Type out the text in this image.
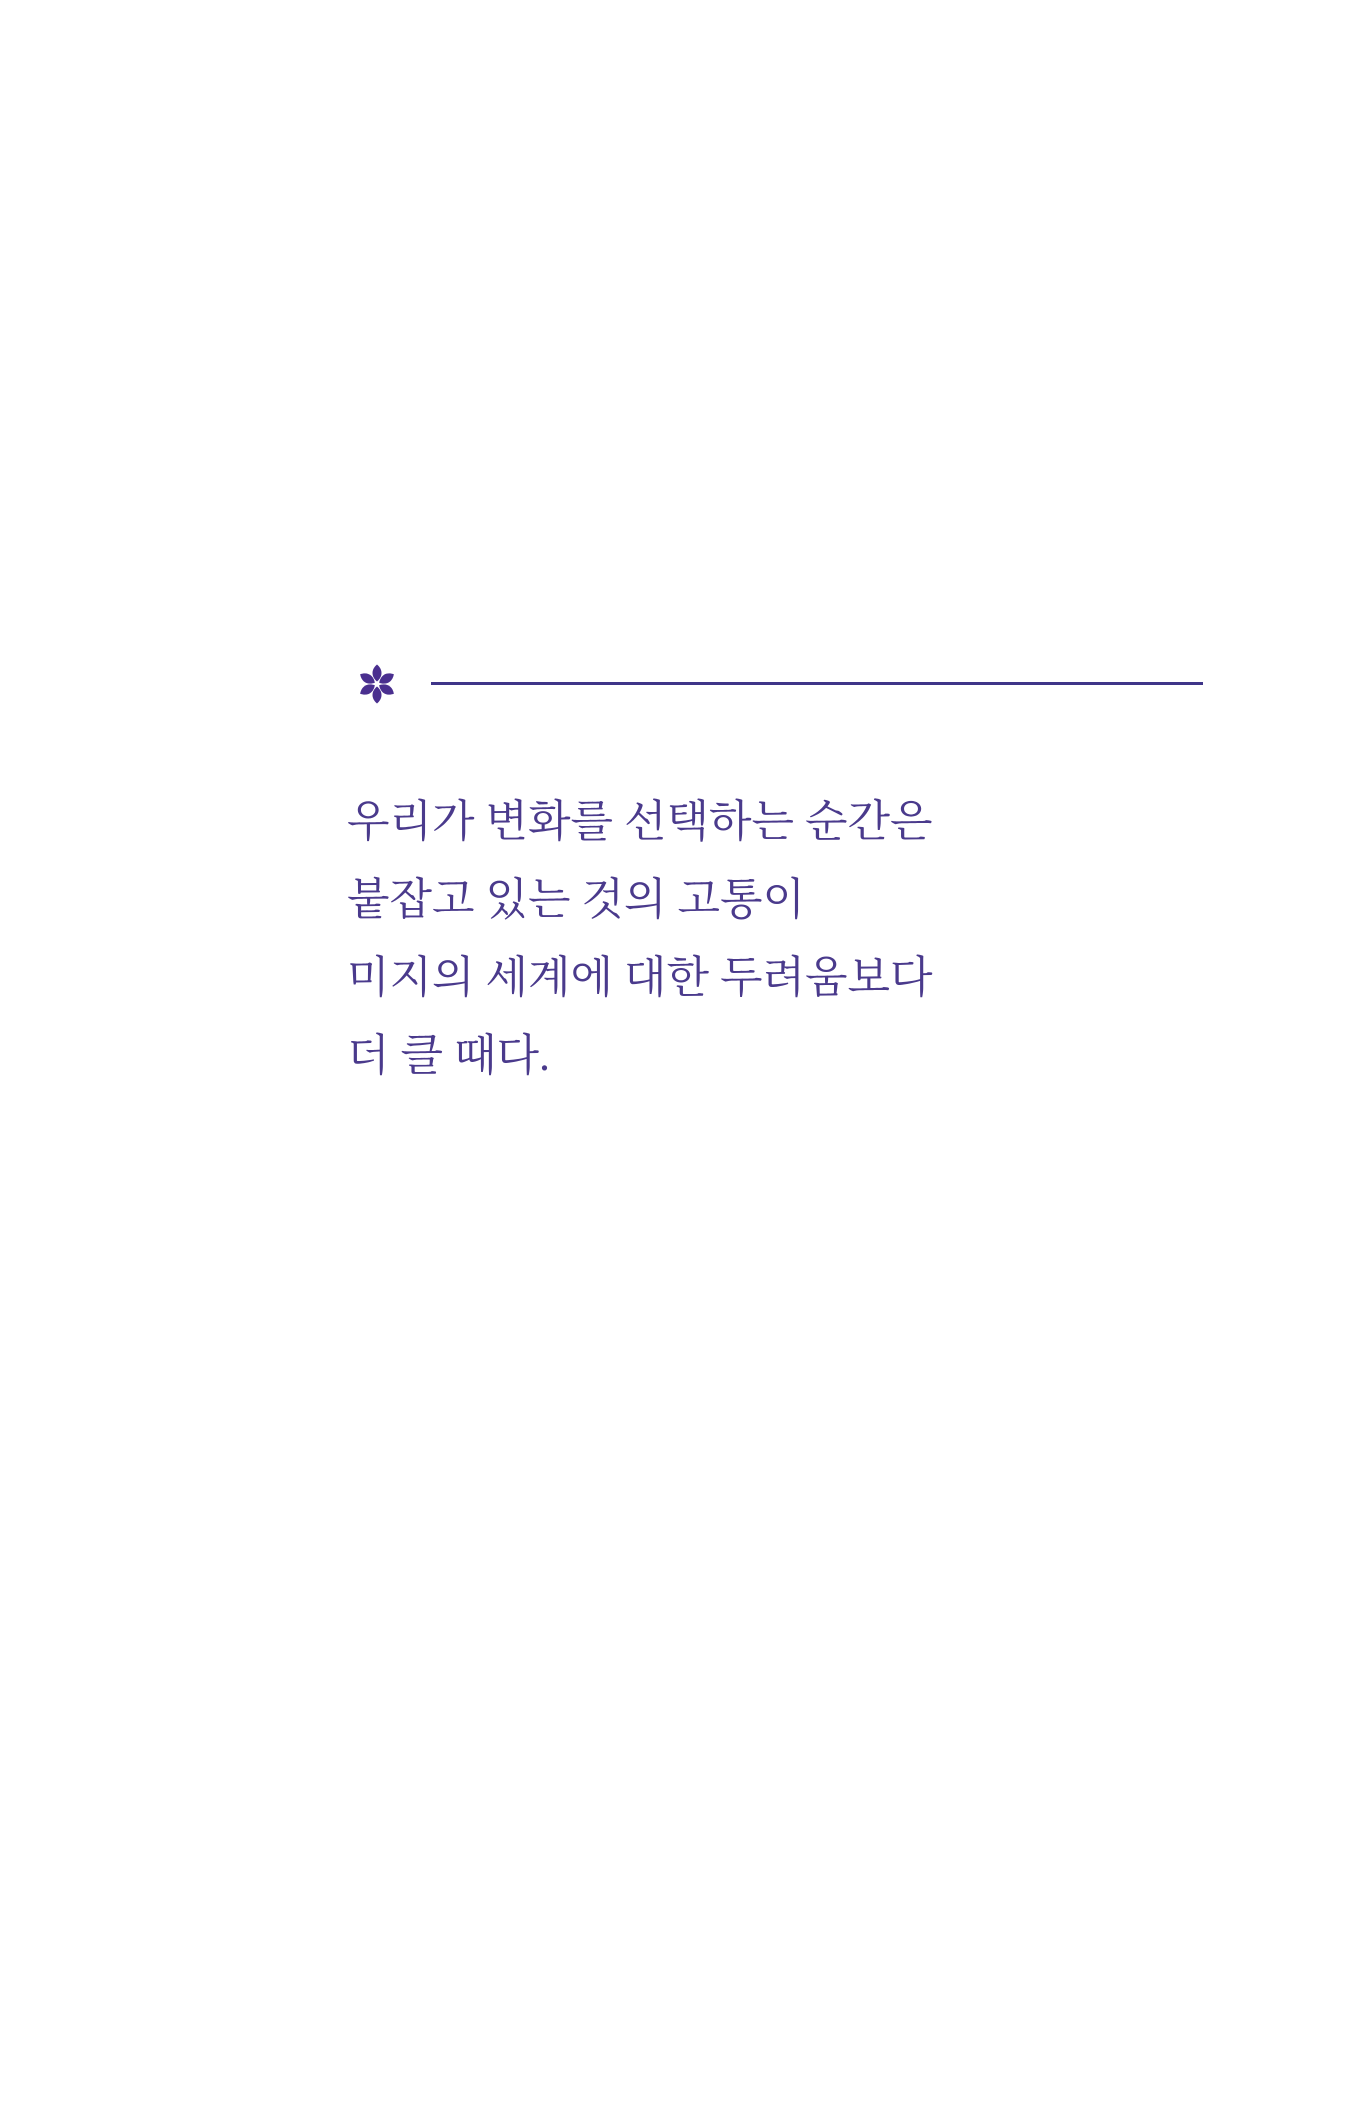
우리가 변화를 선택하는 순간은
붙잡고 있는 것의 고통이
미지의 세계에 대한 두려움보다
더 클 때다.
